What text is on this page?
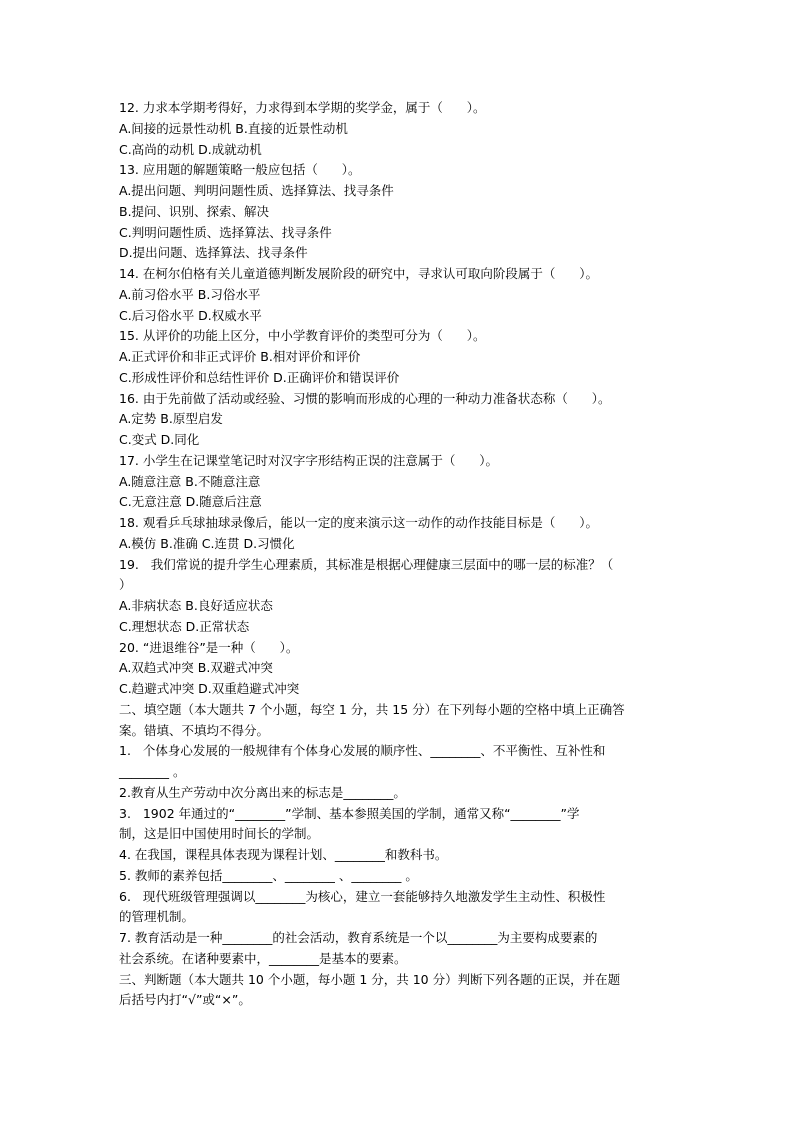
12. 力求本学期考得好，力求得到本学期的奖学金，属于（      ）。
A.间接的远景性动机 B.直接的近景性动机
C.高尚的动机 D.成就动机
13. 应用题的解题策略一般应包括（      ）。
A.提出问题、判明问题性质、选择算法、找寻条件
B.提问、识别、探索、解决
C.判明问题性质、选择算法、找寻条件
D.提出问题、选择算法、找寻条件
14. 在柯尔伯格有关儿童道德判断发展阶段的研究中，寻求认可取向阶段属于（      ）。
A.前习俗水平 B.习俗水平
C.后习俗水平 D.权威水平
15. 从评价的功能上区分，中小学教育评价的类型可分为（      ）。
A.正式评价和非正式评价 B.相对评价和评价
C.形成性评价和总结性评价 D.正确评价和错误评价
16. 由于先前做了活动或经验、习惯的影响而形成的心理的一种动力准备状态称（      ）。
A.定势 B.原型启发
C.变式 D.同化
17. 小学生在记课堂笔记时对汉字字形结构正误的注意属于（      ）。
A.随意注意 B.不随意注意
C.无意注意 D.随意后注意
18. 观看乒乓球抽球录像后，能以一定的度来演示这一动作的动作技能目标是（      ）。
A.模仿 B.准确 C.连贯 D.习惯化
19.   我们常说的提升学生心理素质，其标准是根据心理健康三层面中的哪一层的标准？（
）
A.非病状态 B.良好适应状态
C.理想状态 D.正常状态
20. “进退维谷”是一种（      ）。
A.双趋式冲突 B.双避式冲突
C.趋避式冲突 D.双重趋避式冲突
二、填空题（本大题共 7 个小题，每空 1 分，共 15 分）在下列每小题的空格中填上正确答
案。错填、不填均不得分。
1.   个体身心发展的一般规律有个体身心发展的顺序性、________、不平衡性、互补性和
________ 。
2.教育从生产劳动中次分离出来的标志是________。
3.   1902 年通过的“________”学制、基本参照美国的学制，通常又称“________”学
制，这是旧中国使用时间长的学制。
4. 在我国，课程具体表现为课程计划、________和教科书。
5. 教师的素养包括________、________ 、________ 。
6.   现代班级管理强调以________为核心，建立一套能够持久地激发学生主动性、积极性
的管理机制。
7. 教育活动是一种________的社会活动，教育系统是一个以________为主要构成要素的
社会系统。在诸种要素中，________是基本的要素。
三、判断题（本大题共 10 个小题，每小题 1 分，共 10 分）判断下列各题的正误，并在题
后括号内打“√”或“×”。
